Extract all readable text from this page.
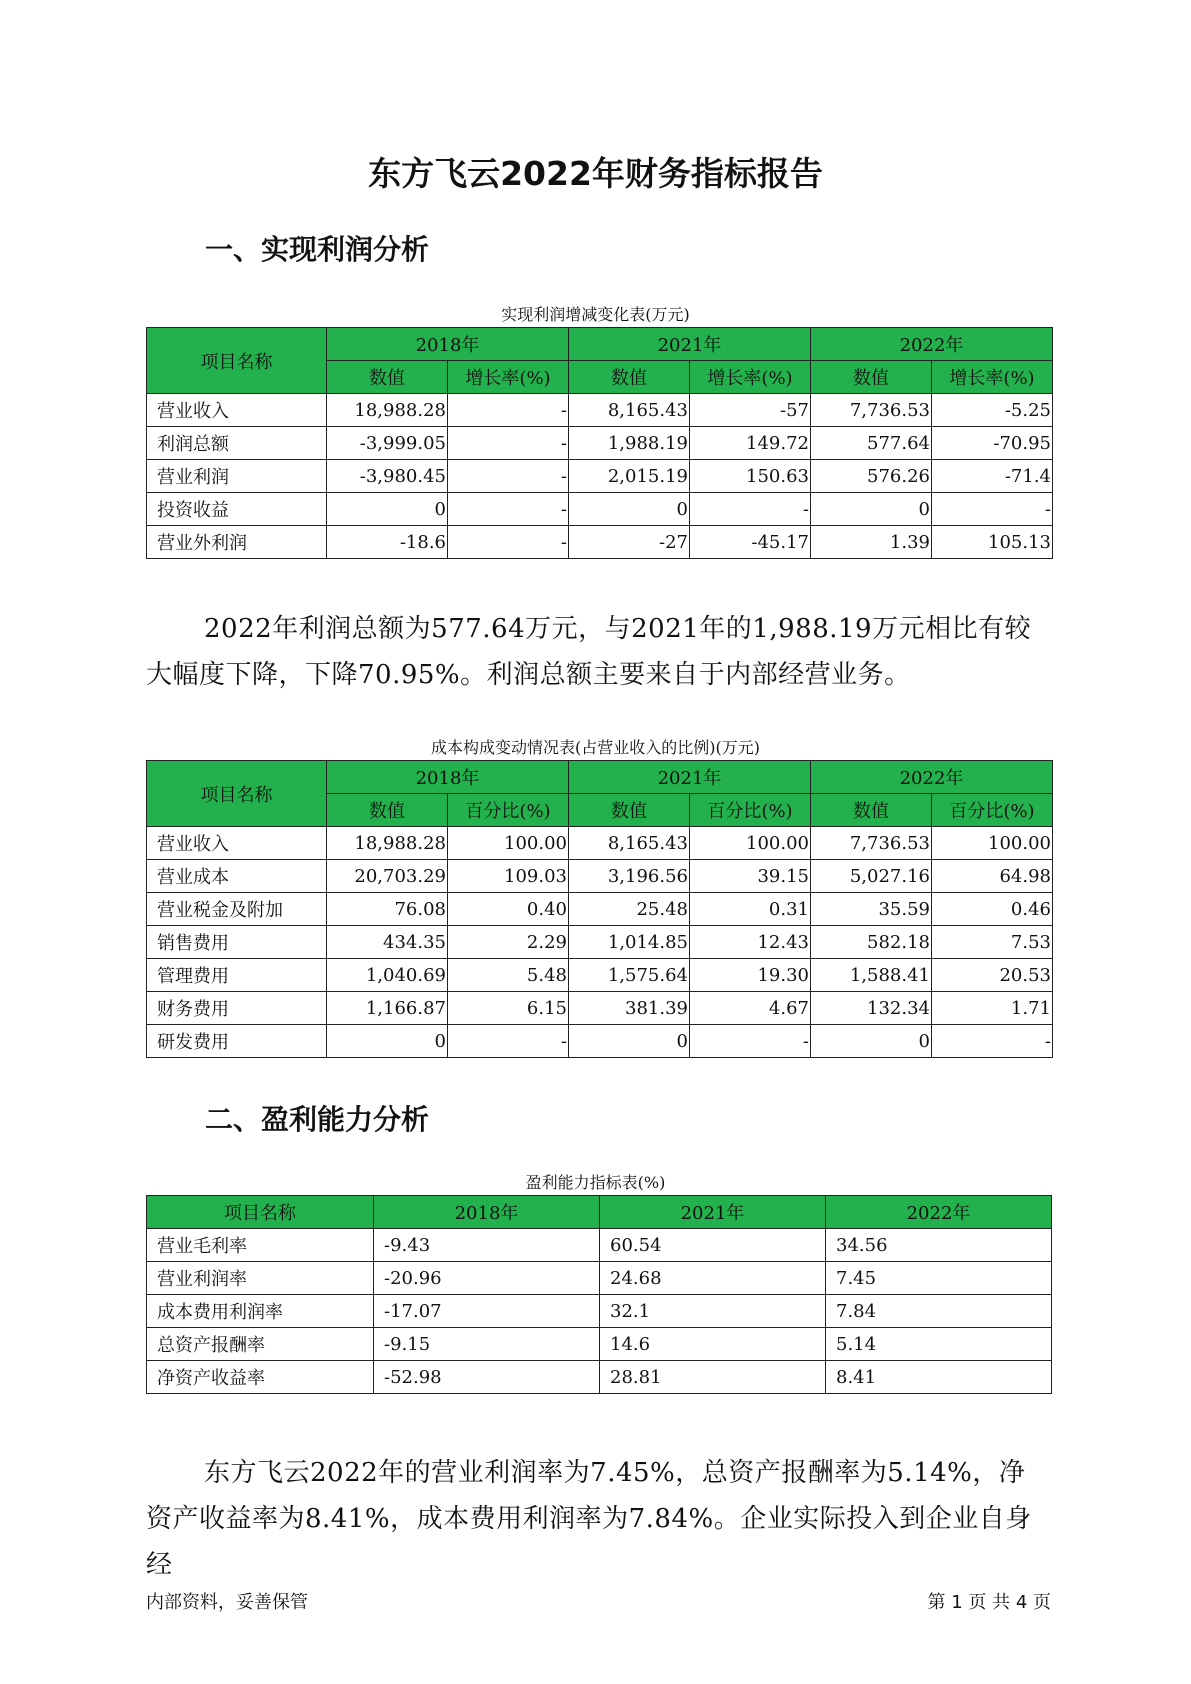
东方飞云2022年财务指标报告
一、实现利润分析
实现利润增减变化表(万元)
项目名称	2018年		2021年		2022年	
	数值	增长率(%)	数值	增长率(%)	数值	增长率(%)
营业收入	18,988.28	-	8,165.43	-57	7,736.53	-5.25
利润总额	-3,999.05	-	1,988.19	149.72	577.64	-70.95
营业利润	-3,980.45	-	2,015.19	150.63	576.26	-71.4
投资收益	0	-	0	-	0	-
营业外利润	-18.6	-	-27	-45.17	1.39	105.13

2022年利润总额为577.64万元，与2021年的1,988.19万元相比有较大幅度下降，下降70.95%。利润总额主要来自于内部经营业务。

成本构成变动情况表(占营业收入的比例)(万元)
项目名称	2018年		2021年		2022年	
	数值	百分比(%)	数值	百分比(%)	数值	百分比(%)
营业收入	18,988.28	100.00	8,165.43	100.00	7,736.53	100.00
营业成本	20,703.29	109.03	3,196.56	39.15	5,027.16	64.98
营业税金及附加	76.08	0.40	25.48	0.31	35.59	0.46
销售费用	434.35	2.29	1,014.85	12.43	582.18	7.53
管理费用	1,040.69	5.48	1,575.64	19.30	1,588.41	20.53
财务费用	1,166.87	6.15	381.39	4.67	132.34	1.71
研发费用	0	-	0	-	0	-
二、盈利能力分析
盈利能力指标表(%)
项目名称	2018年	2021年	2022年
营业毛利率	-9.43	60.54	34.56
营业利润率	-20.96	24.68	7.45
成本费用利润率	-17.07	32.1	7.84
总资产报酬率	-9.15	14.6	5.14
净资产收益率	-52.98	28.81	8.41

东方飞云2022年的营业利润率为7.45%，总资产报酬率为5.14%，净资产收益率为8.41%，成本费用利润率为7.84%。企业实际投入到企业自身经

内部资料，妥善保管	第 1 页 共 4 页
